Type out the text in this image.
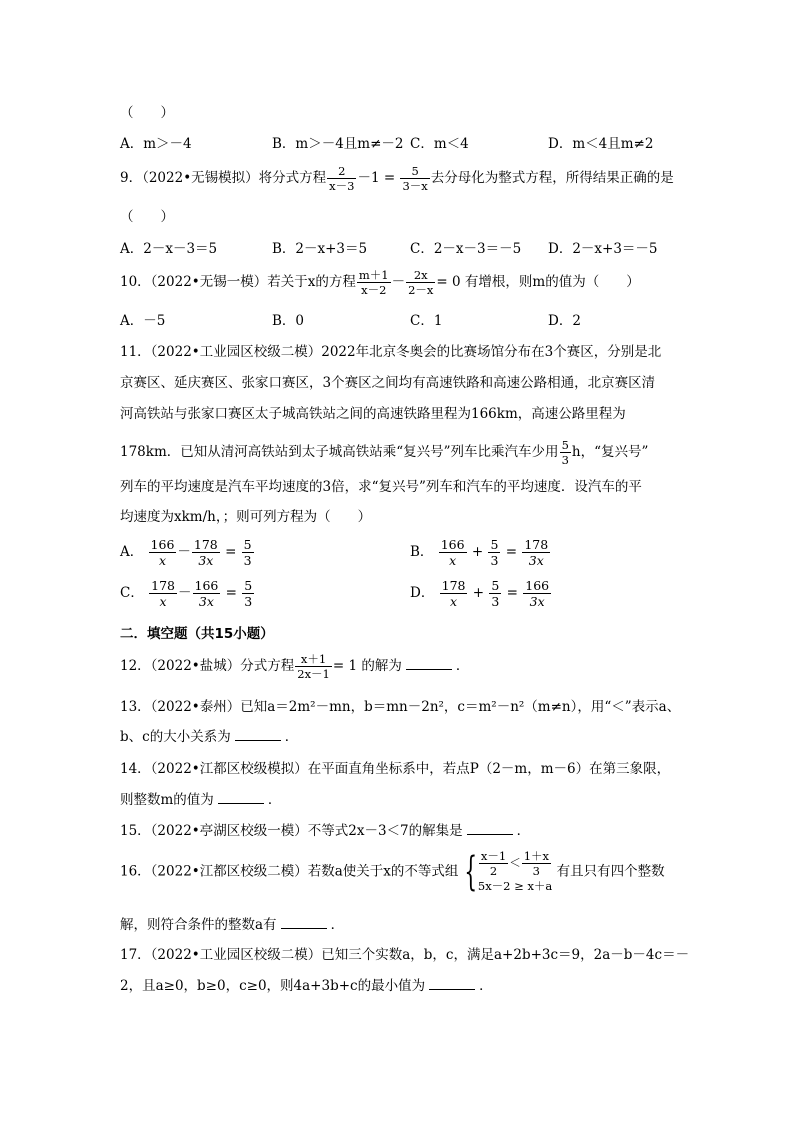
（　　）
A．m＞－4	B．m＞－4且m≠－2 C．m＜4	D．m＜4且m≠2
9．（2022•无锡模拟）将分式方程 $\frac{2}{x-3} -1 = \frac{5}{3-x}$ 去分母化为整式方程，所得结果正确的是
（　　）
A．2－x－3＝5	B．2－x+3＝5	C．2－x－3＝－5 D．2－x+3＝－5
10．（2022•无锡一模）若关于x的方程 $\frac{m+1}{x-2} - \frac{2x}{2-x} = 0$ 有增根，则m的值为（　　）
A．－5	B．0	C．1	D．2
11．（2022•工业园区校级二模）2022年北京冬奥会的比赛场馆分布在3个赛区，分别是北
京赛区、延庆赛区、张家口赛区，3个赛区之间均有高速铁路和高速公路相通，北京赛区清
河高铁站与张家口赛区太子城高铁站之间的高速铁路里程为166km，高速公路里程为
178km．已知从清河高铁站到太子城高铁站乘“复兴号”列车比乘汽车少用 $\frac{5}{3}$ h，“复兴号”
列车的平均速度是汽车平均速度的3倍，求“复兴号”列车和汽车的平均速度．设汽车的平
均速度为xkm/h，；则可列方程为（　　）
A． $\frac{166}{x} - \frac{178}{3x} = \frac{5}{3}$	B． $\frac{166}{x} + \frac{5}{3} = \frac{178}{3x}$
C． $\frac{178}{x} - \frac{166}{3x} = \frac{5}{3}$	D． $\frac{178}{x} + \frac{5}{3} = \frac{166}{3x}$
二．填空题（共15小题）
12．（2022•盐城）分式方程 $\frac{x+1}{2x-1} = 1$ 的解为	．
13．（2022•泰州）已知a＝2m²－mn，b＝mn－2n²，c＝m²－n²（m≠n），用“＜”表示a、
b、c的大小关系为	．
14．（2022•江都区校级模拟）在平面直角坐标系中，若点P（2－m，m－6）在第三象限，
则整数m的值为	．
15．（2022•亭湖区校级一模）不等式2x－3＜7的解集是	．
16．（2022•江都区校级二模）若数a使关于x的不等式组 { $\frac{x-1}{2} < \frac{1+x}{3}$
5x－2 ≥ x＋a
有且只有四个整数
解，则符合条件的整数a有	．
17．（2022•工业园区校级二模）已知三个实数a，b，c，满足a+2b+3c＝9，2a－b－4c＝－
2，且a≥0，b≥0，c≥0，则4a+3b+c的最小值为	．
